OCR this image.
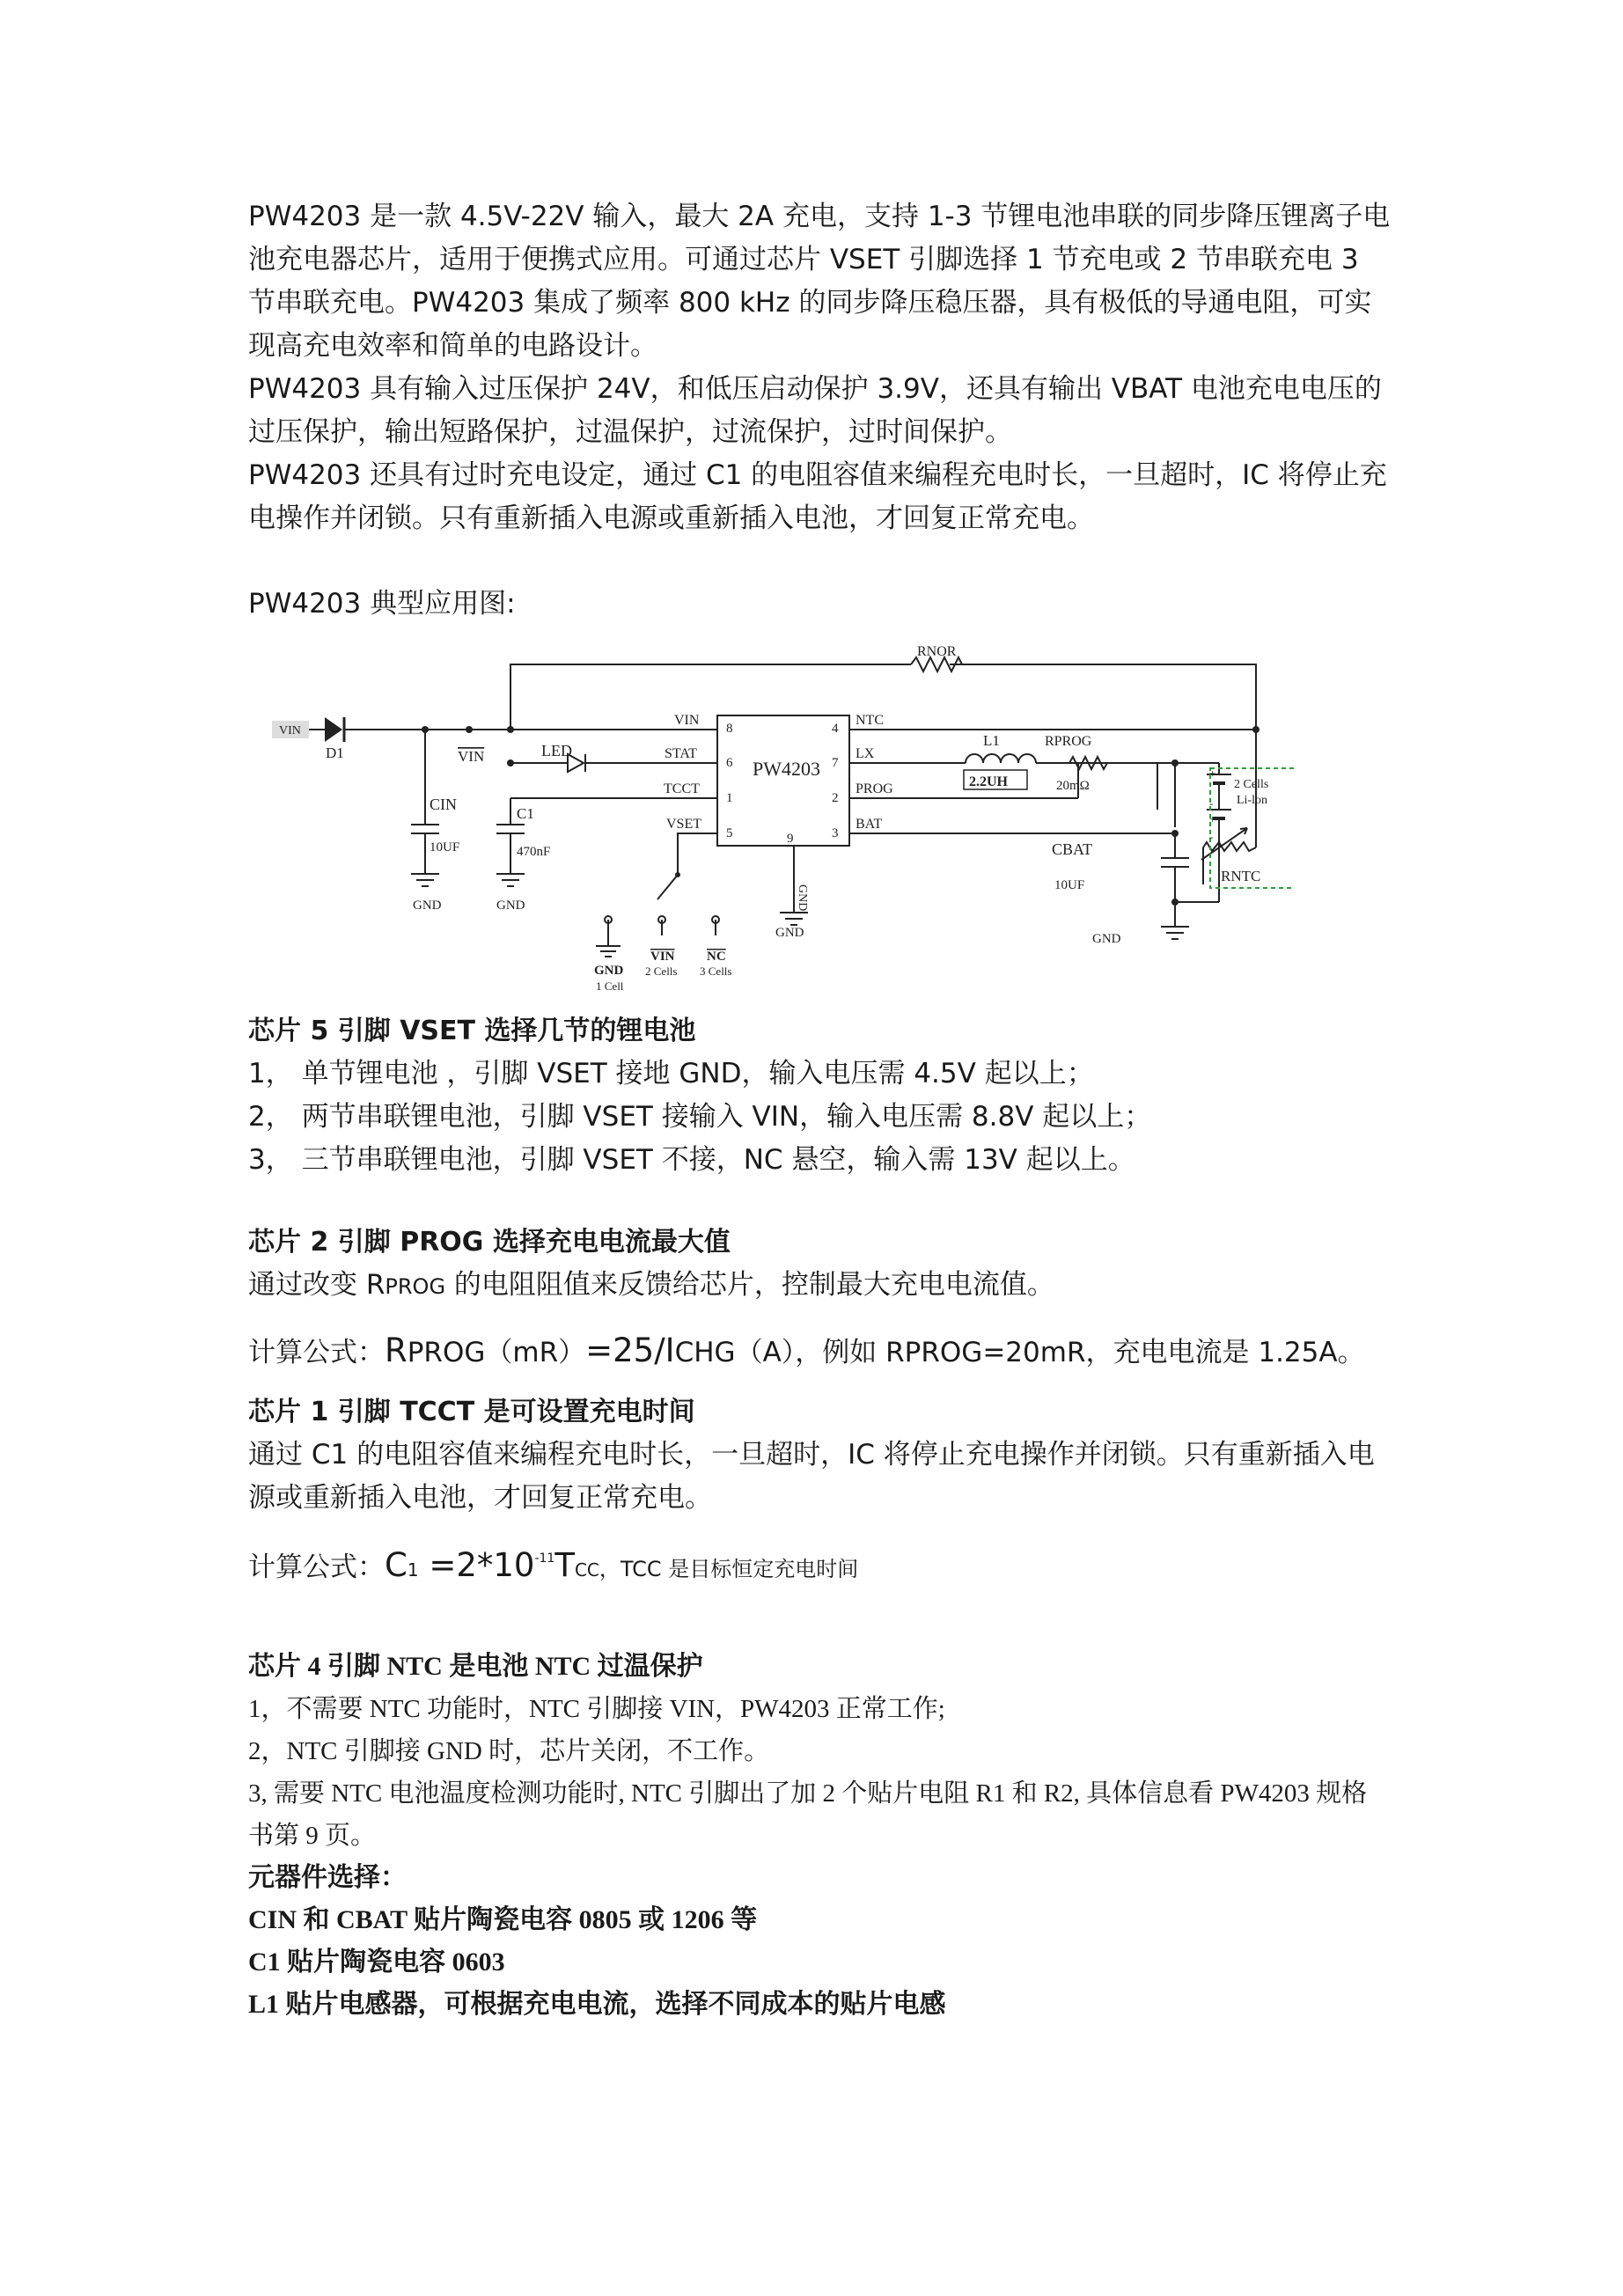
PW4203 是一款 4.5V-22V 输入，最大 2A 充电，支持 1-3 节锂电池串联的同步降压锂离子电池充电器芯片，适用于便携式应用。可通过芯片 VSET 引脚选择 1 节充电或 2 节串联充电 3 节串联充电。PW4203 集成了频率 800 kHz 的同步降压稳压器，具有极低的导通电阻，可实现高充电效率和简单的电路设计。

PW4203 具有输入过压保护 24V，和低压启动保护 3.9V，还具有输出 VBAT 电池充电电压的过压保护，输出短路保护，过温保护，过流保护，过时间保护。

PW4203 还具有过时充电设定，通过 C1 的电阻容值来编程充电时长，一旦超时，IC 将停止充电操作并闭锁。只有重新插入电源或重新插入电池，才回复正常充电。

PW4203 典型应用图:

VIN
D1	VIN	LED
CIN
10UF
GND
C1
470nF
GND
RNOR
VIN
STAT
TCCT
VSET
8
6
1
5
4
7
2
3
9
PW4203
NTC
LX
PROG
BAT
GND
L1
2.2UH
RPROG
20mΩ
CBAT
10UF
GND
GND
2 Cells
Li-lon
+
-
+
-
RNTC
GND
1 Cell
VIN
2 Cells
NC
3 Cells

芯片 5 引脚 VSET 选择几节的锂电池

1， 单节锂电池 ，引脚 VSET 接地 GND，输入电压需 4.5V 起以上；

2， 两节串联锂电池，引脚 VSET 接输入 VIN，输入电压需 8.8V 起以上；

3， 三节串联锂电池，引脚 VSET 不接，NC 悬空，输入需 13V 起以上。

芯片 2 引脚 PROG 选择充电电流最大值

通过改变 RPROG 的电阻阻值来反馈给芯片，控制最大充电电流值。

计算公式：RPROG（mR）=25/ICHG（A），例如 RPROG=20mR，充电电流是 1.25A。

芯片 1 引脚 TCCT 是可设置充电时间

通过 C1 的电阻容值来编程充电时长，一旦超时，IC 将停止充电操作并闭锁。只有重新插入电源或重新插入电池，才回复正常充电。

计算公式：$C1 =2*10^{-11}TCC$，TCC 是目标恒定充电时间

芯片 4 引脚 NTC 是电池 NTC 过温保护

1，不需要 NTC 功能时，NTC 引脚接 VIN，PW4203 正常工作;

2，NTC 引脚接 GND 时，芯片关闭，不工作。

3, 需要 NTC 电池温度检测功能时, NTC 引脚出了加 2 个贴片电阻 R1 和 R2, 具体信息看 PW4203 规格书第 9 页。

元器件选择：

CIN 和 CBAT 贴片陶瓷电容 0805 或 1206 等

C1 贴片陶瓷电容 0603

L1 贴片电感器，可根据充电电流，选择不同成本的贴片电感
